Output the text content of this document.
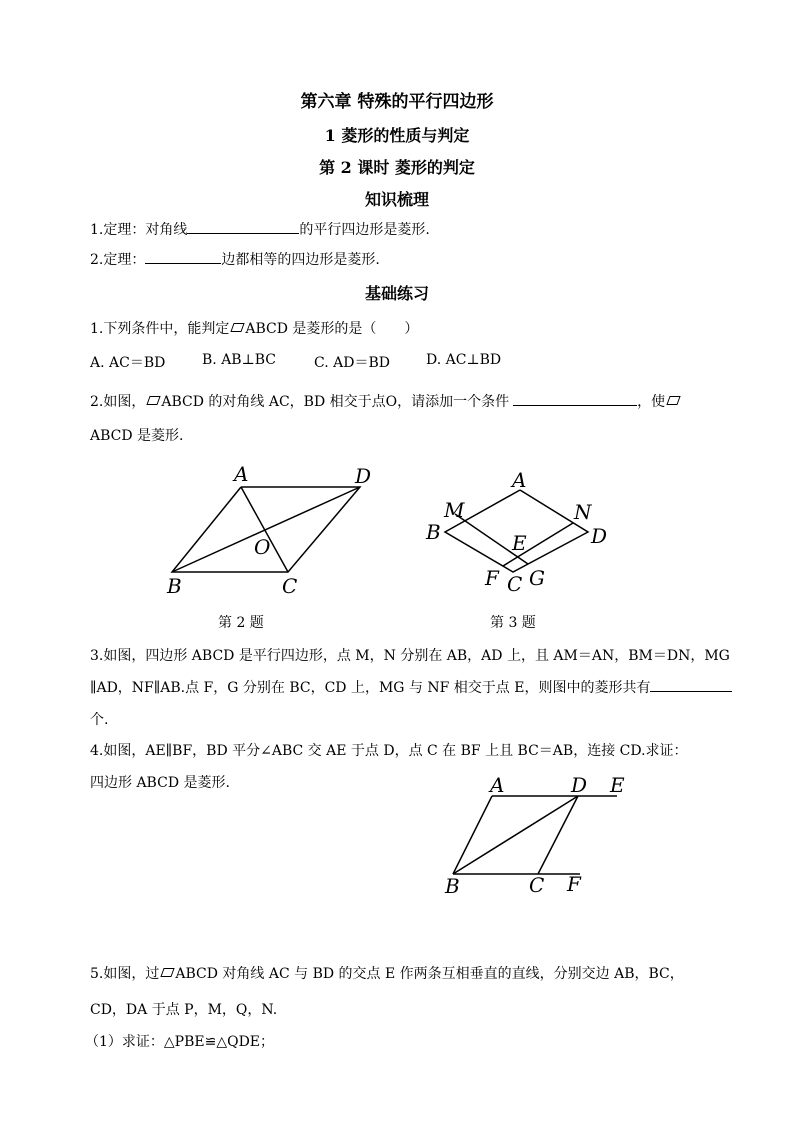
第六章 特殊的平行四边形
1 菱形的性质与判定
第 2 课时 菱形的判定
知识梳理
1.定理：对角线	的平行四边形是菱形.
2.定理：	边都相等的四边形是菱形.
基础练习
1.下列条件中，能判定 ABCD 是菱形的是（　　）
A. AC＝BD	B. AB⊥BC	C. AD＝BD	D. AC⊥BD
2.如图， ABCD 的对角线 AC，BD 相交于点O，请添加一个条件	，使
ABCD 是菱形.
A	D
O
B	C
第 2 题
A
M	N
B	E	D
F C G
第 3 题
3.如图，四边形 ABCD 是平行四边形，点 M，N 分别在 AB，AD 上，且 AM＝AN，BM＝DN，MG
∥AD，NF∥AB.点 F，G 分别在 BC，CD 上，MG 与 NF 相交于点 E，则图中的菱形共有
个.
4.如图，AE∥BF，BD 平分∠ABC 交 AE 于点 D，点 C 在 BF 上且 BC＝AB，连接 CD.求证：
四边形 ABCD 是菱形.	A	D E
B	C F
5.如图，过 ABCD 对角线 AC 与 BD 的交点 E 作两条互相垂直的直线，分别交边 AB，BC，
CD，DA 于点 P，M，Q，N.
（1）求证：△PBE≌△QDE；
